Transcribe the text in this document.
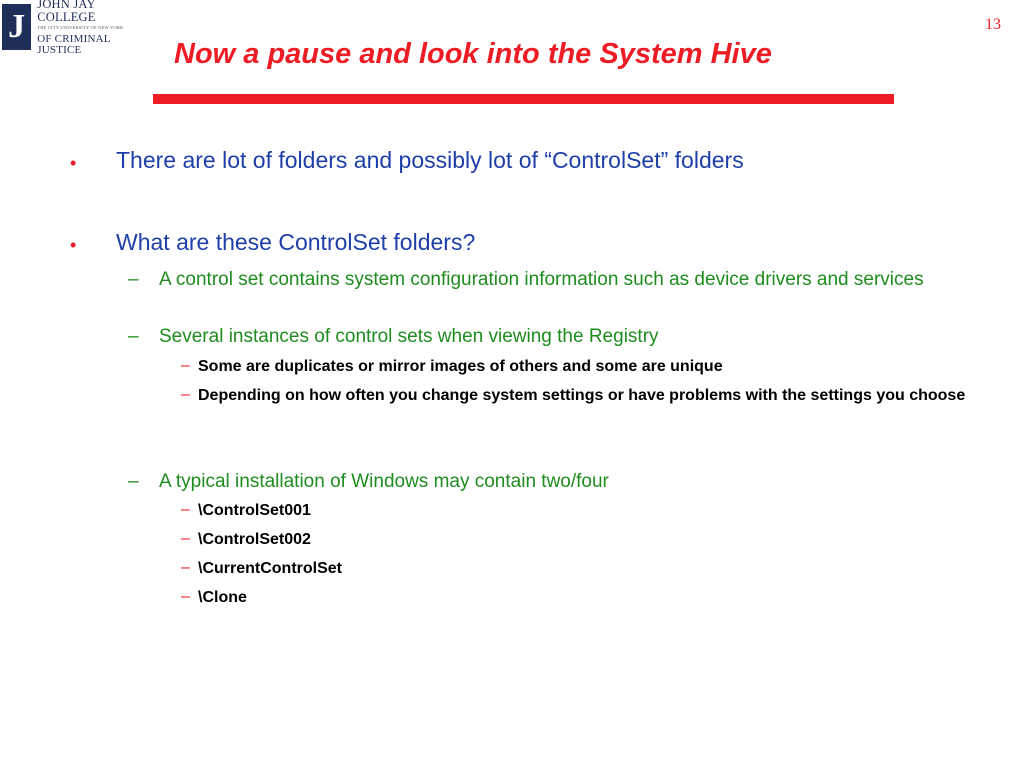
J
JOHN JAY COLLEGE
THE CITY UNIVERSITY OF NEW YORK
OF CRIMINAL JUSTICE
13
Now a pause and look into the System Hive
• There are lot of folders and possibly lot of “ControlSet” folders
• What are these ControlSet folders?
– A control set contains system configuration information such as device drivers and services
– Several instances of control sets when viewing the Registry
– Some are duplicates or mirror images of others and some are unique
– Depending on how often you change system settings or have problems with the settings you choose
– A typical installation of Windows may contain two/four
– \ControlSet001
– \ControlSet002
– \CurrentControlSet
– \Clone
